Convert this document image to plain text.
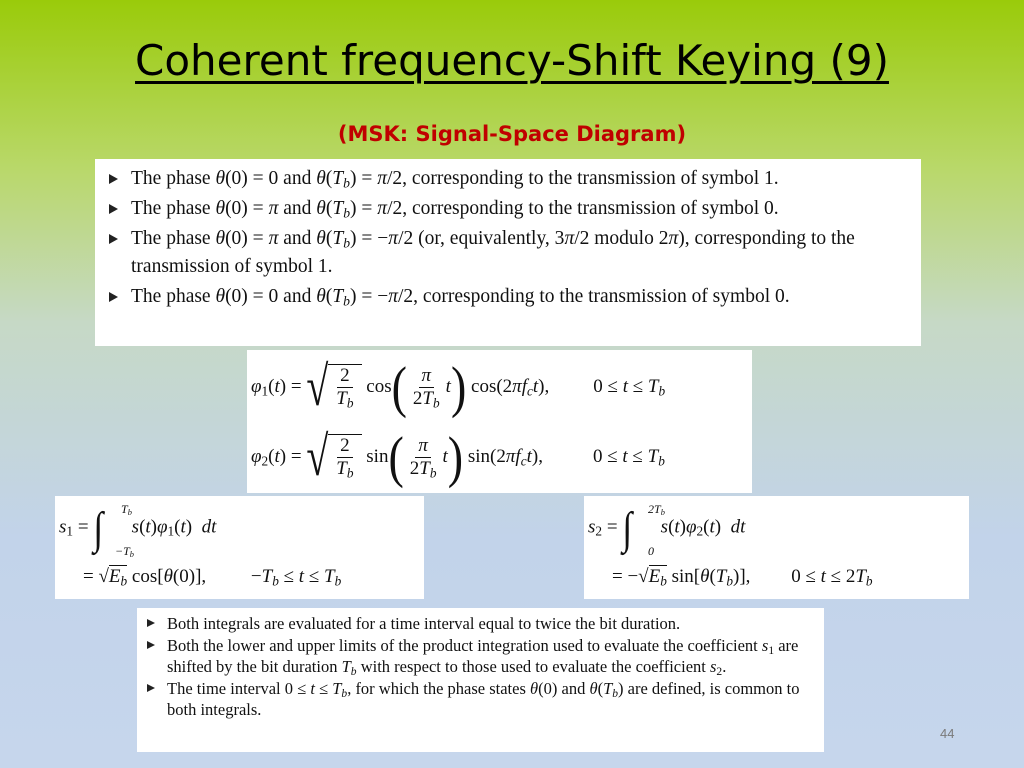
Coherent frequency-Shift Keying (9)
(MSK: Signal-Space Diagram)
The phase θ(0) = 0 and $\theta(T_b) = \pi/2$, corresponding to the transmission of symbol 1.
The phase θ(0) = π and $\theta(T_b) = \pi/2$, corresponding to the transmission of symbol 0.
The phase θ(0) = π and $\theta(T_b) = -\pi/2$ (or, equivalently, 3π/2 modulo 2π), corresponding to the transmission of symbol 1.
The phase θ(0) = 0 and $\theta(T_b) = -\pi/2$, corresponding to the transmission of symbol 0.
$\varphi_1(t)$ = √ $\frac{2}{T_b}$ cos ( $\frac{\pi}{2T_b}$ t ) $\cos(2\pi f_ct)$, $0 \le t \le T_b$
$\varphi_2(t)$ = √ $\frac{2}{T_b}$ sin ( $\frac{\pi}{2T_b}$ t ) $\sin(2\pi f_ct)$,	$0 \le t \le T_b$
$s_1$ = ∫ $s(t)\varphi_1(t)$  dt
$T_b$
$-T_b$
= $√E_b$ cos[θ(0)], $-T_b \le t \le T_b$
$s_2$ = ∫ $s(t)\varphi_2(t)$  dt
$2T_b$
0
= $-√E_b$ $\sin[\theta(T_b)]$, $0 \le t \le 2T_b$
Both integrals are evaluated for a time interval equal to twice the bit duration.
Both the lower and upper limits of the product integration used to evaluate the coefficient $s_1$ are shifted by the bit duration $T_b$ with respect to those used to evaluate the coefficient $s_2$.
The time interval $0 \le t \le T_b$, for which the phase states θ(0) and $\theta(T_b)$ are defined, is common to both integrals.
44
